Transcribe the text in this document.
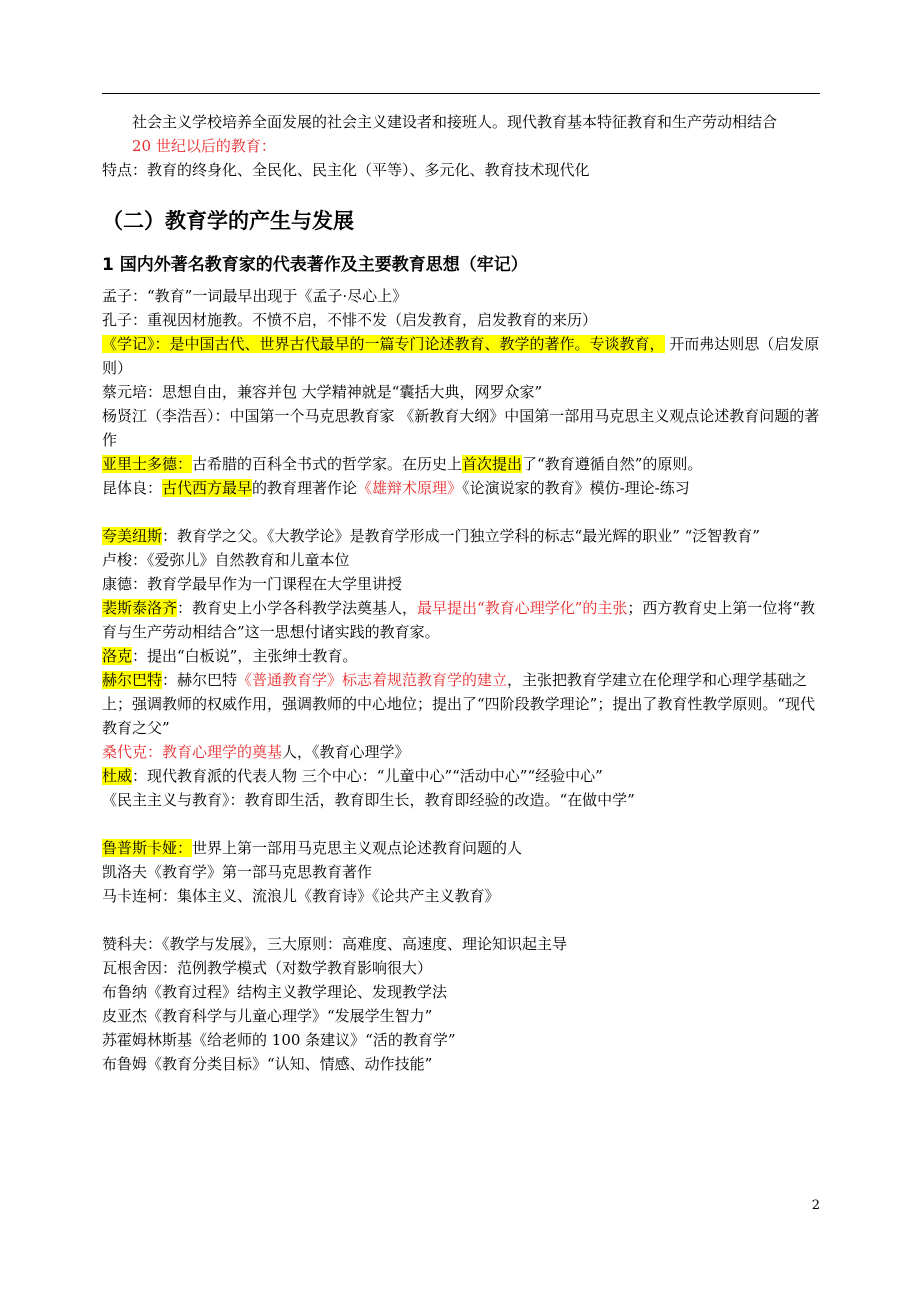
社会主义学校培养全面发展的社会主义建设者和接班人。现代教育基本特征教育和生产劳动相结合

20 世纪以后的教育：

特点：教育的终身化、全民化、民主化（平等）、多元化、教育技术现代化

（二）教育学的产生与发展
1 国内外著名教育家的代表著作及主要教育思想（牢记）

孟子：“教育”一词最早出现于《孟子·尽心上》

孔子：重视因材施教。不愤不启，不悱不发（启发教育，启发教育的来历）

《学记》：是中国古代、世界古代最早的一篇专门论述教育、教学的著作。专谈教育， 开而弗达则思（启发原则）

蔡元培：思想自由，兼容并包 大学精神就是“囊括大典，网罗众家”

杨贤江（李浩吾）：中国第一个马克思教育家 《新教育大纲》中国第一部用马克思主义观点论述教育问题的著作

亚里士多德：古希腊的百科全书式的哲学家。在历史上首次提出了“教育遵循自然”的原则。

昆体良：古代西方最早的教育理著作论《雄辩术原理》《论演说家的教育》模仿-理论-练习

夸美纽斯：教育学之父。《大教学论》是教育学形成一门独立学科的标志“最光辉的职业” “泛智教育”

卢梭：《爱弥儿》自然教育和儿童本位

康德：教育学最早作为一门课程在大学里讲授

裴斯泰洛齐：教育史上小学各科教学法奠基人，最早提出“教育心理学化”的主张；西方教育史上第一位将“教育与生产劳动相结合”这一思想付诸实践的教育家。

洛克：提出“白板说”，主张绅士教育。

赫尔巴特：赫尔巴特《普通教育学》标志着规范教育学的建立，主张把教育学建立在伦理学和心理学基础之上；强调教师的权威作用，强调教师的中心地位；提出了“四阶段教学理论”；提出了教育性教学原则。“现代教育之父”

桑代克：教育心理学的奠基人，《教育心理学》

杜威：现代教育派的代表人物 三个中心：“儿童中心”“活动中心”“经验中心”

《民主主义与教育》：教育即生活，教育即生长，教育即经验的改造。“在做中学”

鲁普斯卡娅：世界上第一部用马克思主义观点论述教育问题的人

凯洛夫《教育学》第一部马克思教育著作

马卡连柯：集体主义、流浪儿《教育诗》《论共产主义教育》

赞科夫：《教学与发展》，三大原则：高难度、高速度、理论知识起主导

瓦根舍因：范例教学模式（对数学教育影响很大）

布鲁纳《教育过程》结构主义教学理论、发现教学法

皮亚杰《教育科学与儿童心理学》“发展学生智力”

苏霍姆林斯基《给老师的 100 条建议》“活的教育学”

布鲁姆《教育分类目标》“认知、情感、动作技能”

2
